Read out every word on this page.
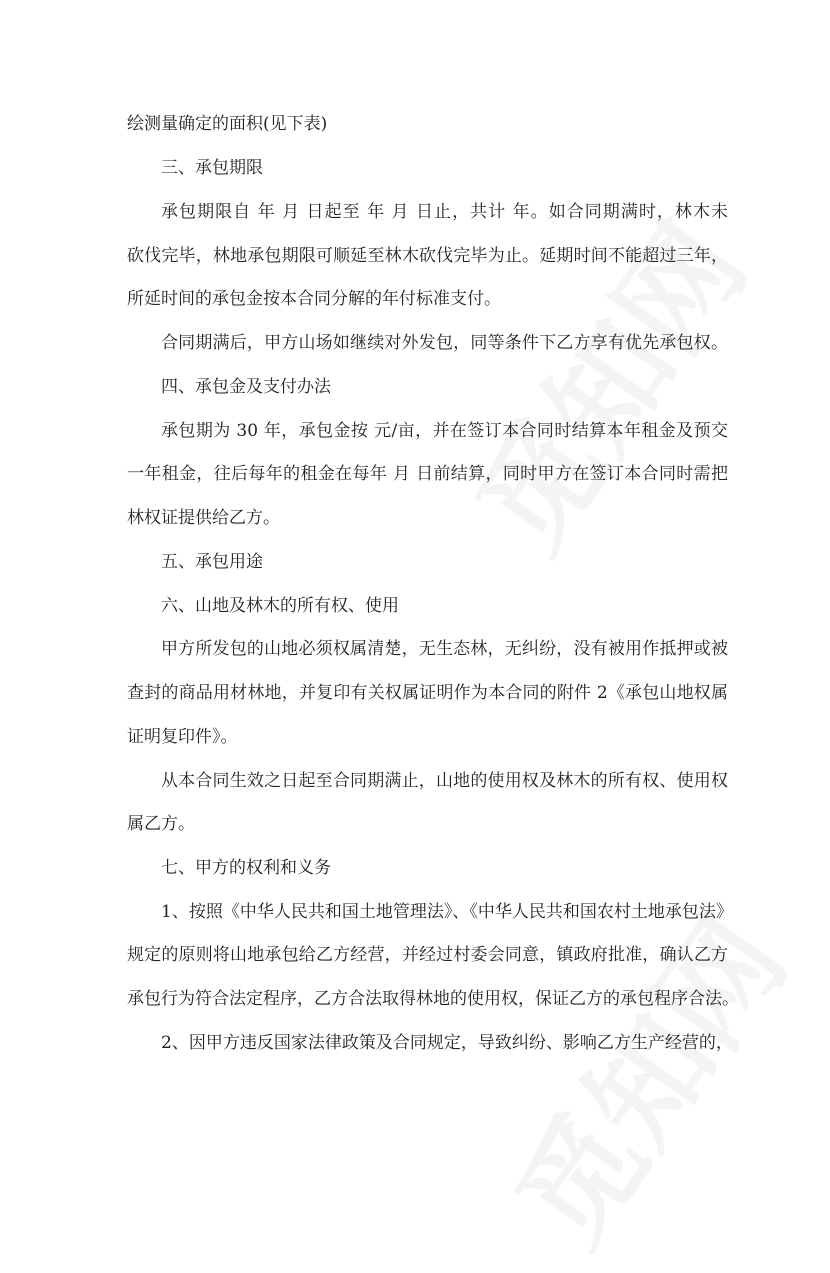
绘测量确定的面积(见下表)
三、承包期限
承包期限自 年 月 日起至 年 月 日止，共计 年。如合同期满时，林木未
砍伐完毕，林地承包期限可顺延至林木砍伐完毕为止。延期时间不能超过三年，
所延时间的承包金按本合同分解的年付标准支付。
合同期满后，甲方山场如继续对外发包，同等条件下乙方享有优先承包权。
四、承包金及支付办法
承包期为 30 年，承包金按 元/亩，并在签订本合同时结算本年租金及预交
一年租金，往后每年的租金在每年 月 日前结算，同时甲方在签订本合同时需把
林权证提供给乙方。
五、承包用途
六、山地及林木的所有权、使用
甲方所发包的山地必须权属清楚，无生态林，无纠纷，没有被用作抵押或被
查封的商品用材林地，并复印有关权属证明作为本合同的附件 2《承包山地权属
证明复印件》。
从本合同生效之日起至合同期满止，山地的使用权及林木的所有权、使用权
属乙方。
七、甲方的权利和义务
1、按照《中华人民共和国土地管理法》、《中华人民共和国农村土地承包法》
规定的原则将山地承包给乙方经营，并经过村委会同意，镇政府批准，确认乙方
承包行为符合法定程序，乙方合法取得林地的使用权，保证乙方的承包程序合法。
2、因甲方违反国家法律政策及合同规定，导致纠纷、影响乙方生产经营的，
